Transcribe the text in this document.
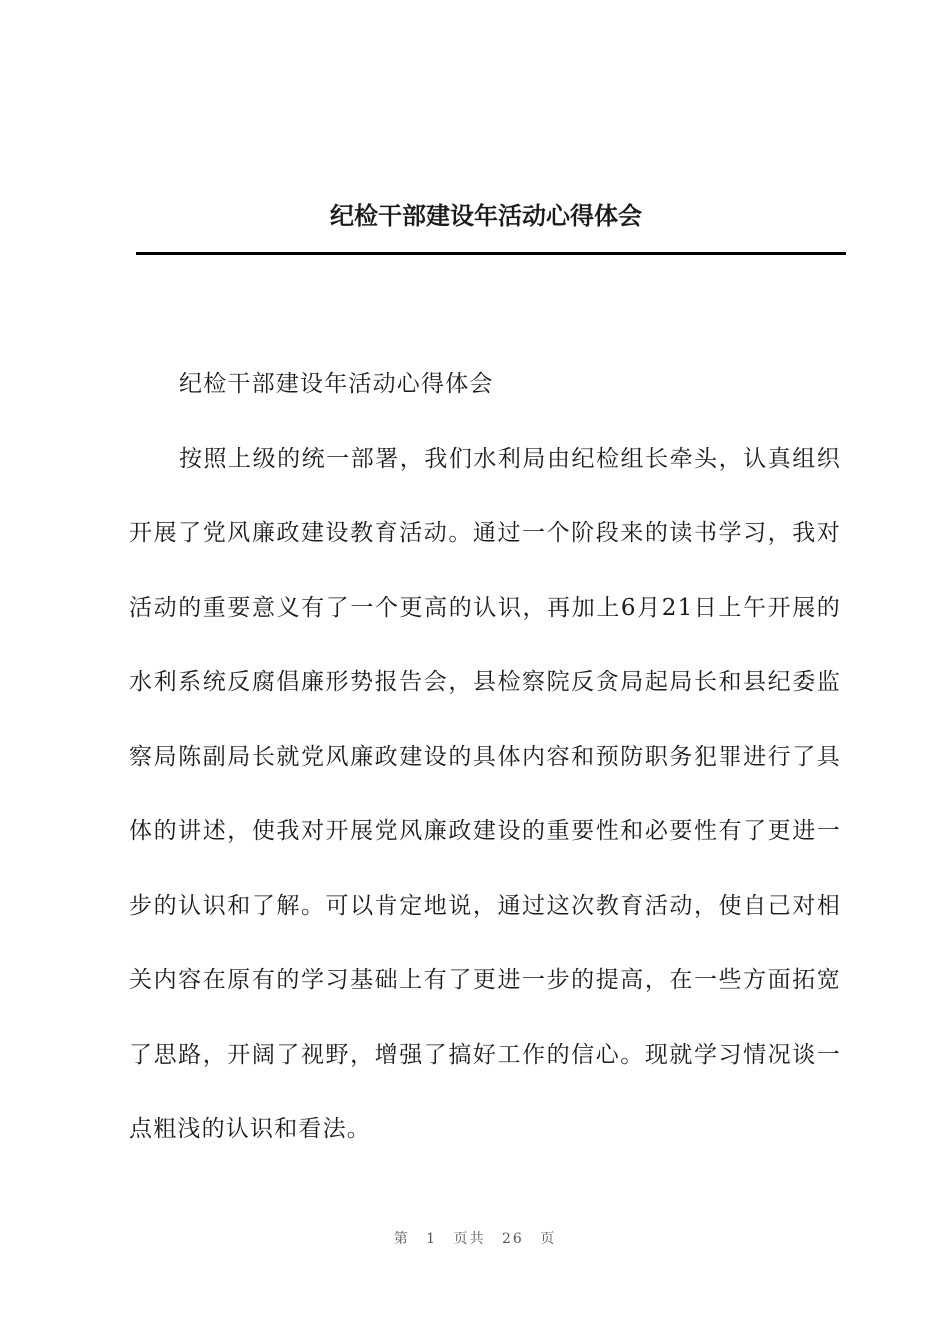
纪检干部建设年活动心得体会

纪检干部建设年活动心得体会

按照上级的统一部署，我们水利局由纪检组长牵头，认真组织开展了党风廉政建设教育活动。通过一个阶段来的读书学习，我对活动的重要意义有了一个更高的认识，再加上6月21日上午开展的水利系统反腐倡廉形势报告会，县检察院反贪局起局长和县纪委监察局陈副局长就党风廉政建设的具体内容和预防职务犯罪进行了具体的讲述，使我对开展党风廉政建设的重要性和必要性有了更进一步的认识和了解。可以肯定地说，通过这次教育活动，使自己对相关内容在原有的学习基础上有了更进一步的提高，在一些方面拓宽了思路，开阔了视野，增强了搞好工作的信心。现就学习情况谈一点粗浅的认识和看法。

第 1 页共 26 页
